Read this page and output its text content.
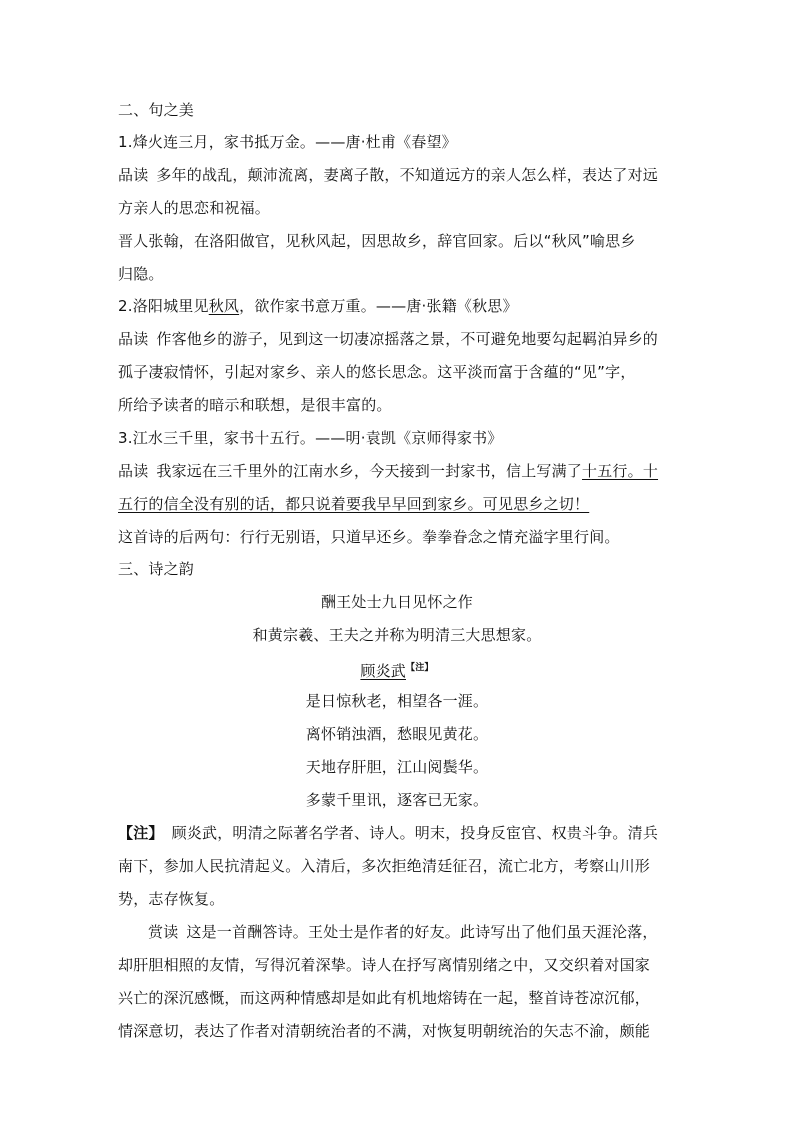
二、句之美
1.烽火连三月，家书抵万金。——唐·杜甫《春望》
品读 多年的战乱，颠沛流离，妻离子散，不知道远方的亲人怎么样，表达了对远
方亲人的思恋和祝福。
晋人张翰，在洛阳做官，见秋风起，因思故乡，辞官回家。后以“秋风”喻思乡
归隐。
2.洛阳城里见秋风，欲作家书意万重。——唐·张籍《秋思》
品读 作客他乡的游子，见到这一切凄凉摇落之景，不可避免地要勾起羁泊异乡的
孤子凄寂情怀，引起对家乡、亲人的悠长思念。这平淡而富于含蕴的“见”字，
所给予读者的暗示和联想，是很丰富的。
3.江水三千里，家书十五行。——明·袁凯《京师得家书》
品读 我家远在三千里外的江南水乡，今天接到一封家书，信上写满了十五行。十
五行的信全没有别的话，都只说着要我早早回到家乡。可见思乡之切！
这首诗的后两句：行行无别语，只道早还乡。拳拳眷念之情充溢字里行间。
三、诗之韵
酬王处士九日见怀之作
和黄宗羲、王夫之并称为明清三大思想家。
顾炎武$^{【注】}$
是日惊秋老，相望各一涯。
离怀销浊酒，愁眼见黄花。
天地存肝胆，江山阅鬓华。
多蒙千里讯，逐客已无家。
【注】 顾炎武，明清之际著名学者、诗人。明末，投身反宦官、权贵斗争。清兵
南下，参加人民抗清起义。入清后，多次拒绝清廷征召，流亡北方，考察山川形
势，志存恢复。
赏读 这是一首酬答诗。王处士是作者的好友。此诗写出了他们虽天涯沦落，
却肝胆相照的友情，写得沉着深挚。诗人在抒写离情别绪之中，又交织着对国家
兴亡的深沉感慨，而这两种情感却是如此有机地熔铸在一起，整首诗苍凉沉郁，
情深意切，表达了作者对清朝统治者的不满，对恢复明朝统治的矢志不渝，颇能
